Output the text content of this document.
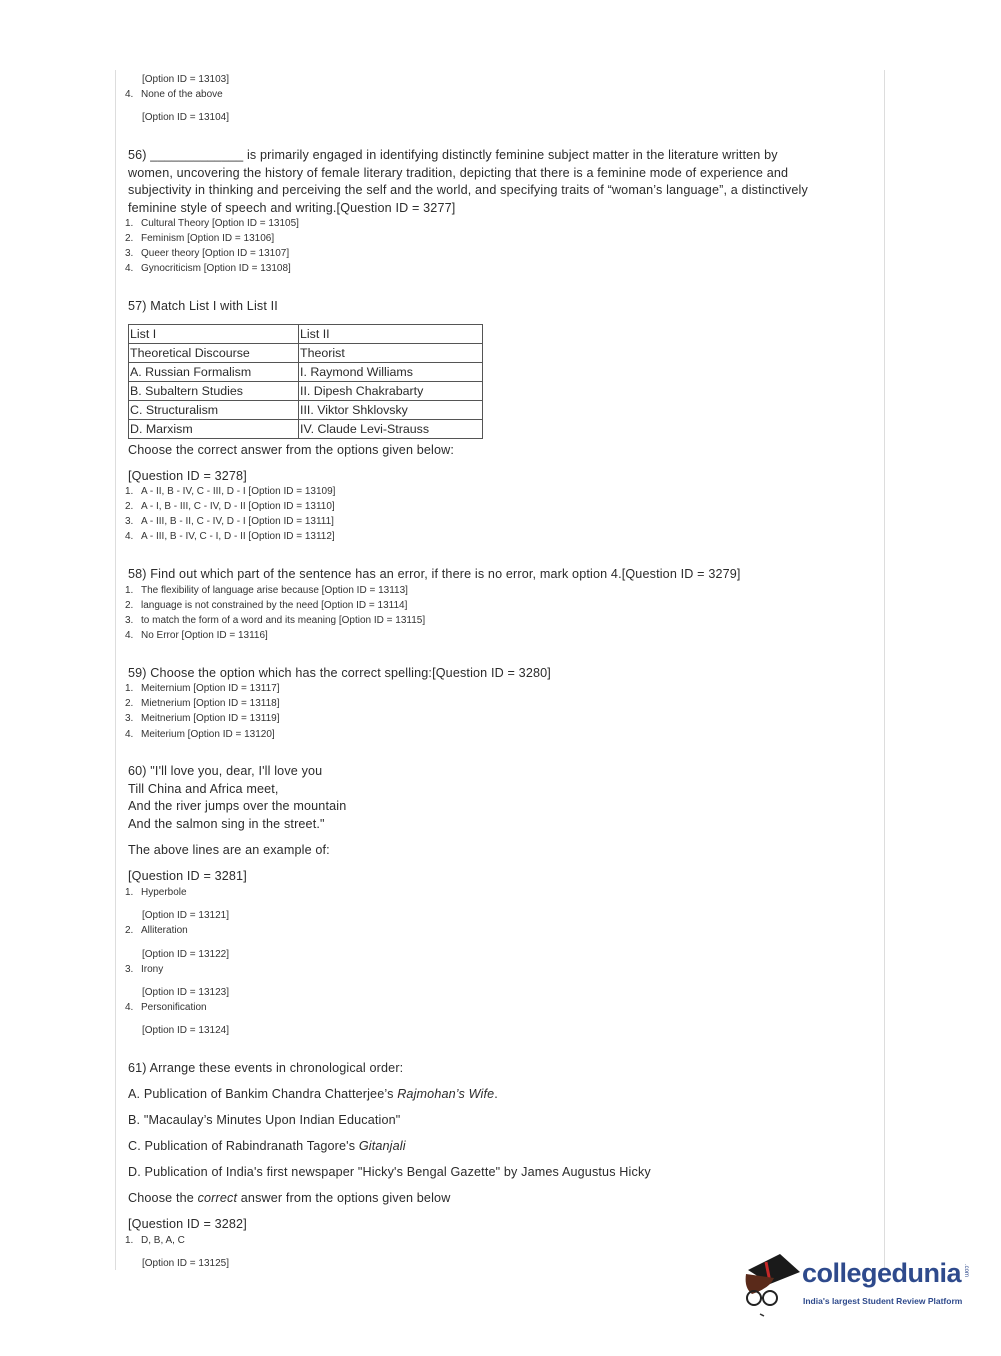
[Option ID = 13103]
4. None of the above
[Option ID = 13104]
56) _____________ is primarily engaged in identifying distinctly feminine subject matter in the literature written by
women, uncovering the history of female literary tradition, depicting that there is a feminine mode of experience and
subjectivity in thinking and perceiving the self and the world, and specifying traits of “woman’s language”, a distinctively
feminine style of speech and writing.[Question ID = 3277]
1. Cultural Theory [Option ID = 13105]
2. Feminism [Option ID = 13106]
3. Queer theory [Option ID = 13107]
4. Gynocriticism [Option ID = 13108]
57) Match List I with List II
List I	List II
Theoretical Discourse	Theorist
A. Russian Formalism	I. Raymond Williams
B. Subaltern Studies	II. Dipesh Chakrabarty
C. Structuralism	III. Viktor Shklovsky
D. Marxism	IV. Claude Levi-Strauss
Choose the correct answer from the options given below:
[Question ID = 3278]
1. A - II, B - IV, C - III, D - I [Option ID = 13109]
2. A - I, B - III, C - IV, D - II [Option ID = 13110]
3. A - III, B - II, C - IV, D - I [Option ID = 13111]
4. A - III, B - IV, C - I, D - II [Option ID = 13112]
58) Find out which part of the sentence has an error, if there is no error, mark option 4.[Question ID = 3279]
1. The flexibility of language arise because [Option ID = 13113]
2. language is not constrained by the need [Option ID = 13114]
3. to match the form of a word and its meaning [Option ID = 13115]
4. No Error [Option ID = 13116]
59) Choose the option which has the correct spelling:[Question ID = 3280]
1. Meiternium [Option ID = 13117]
2. Mietnerium [Option ID = 13118]
3. Meitnerium [Option ID = 13119]
4. Meiterium [Option ID = 13120]
60) "I'll love you, dear, I'll love you
Till China and Africa meet,
And the river jumps over the mountain
And the salmon sing in the street."
The above lines are an example of:
[Question ID = 3281]
1. Hyperbole
[Option ID = 13121]
2. Alliteration
[Option ID = 13122]
3. Irony
[Option ID = 13123]
4. Personification
[Option ID = 13124]
61) Arrange these events in chronological order:
A. Publication of Bankim Chandra Chatterjee’s Rajmohan’s Wife.
B. "Macaulay’s Minutes Upon Indian Education"
C. Publication of Rabindranath Tagore's Gitanjali
D. Publication of India's first newspaper "Hicky's Bengal Gazette" by James Augustus Hicky
Choose the correct answer from the options given below
[Question ID = 3282]
1. D, B, A, C
[Option ID = 13125]	collegedunia .com
India's largest Student Review Platform
